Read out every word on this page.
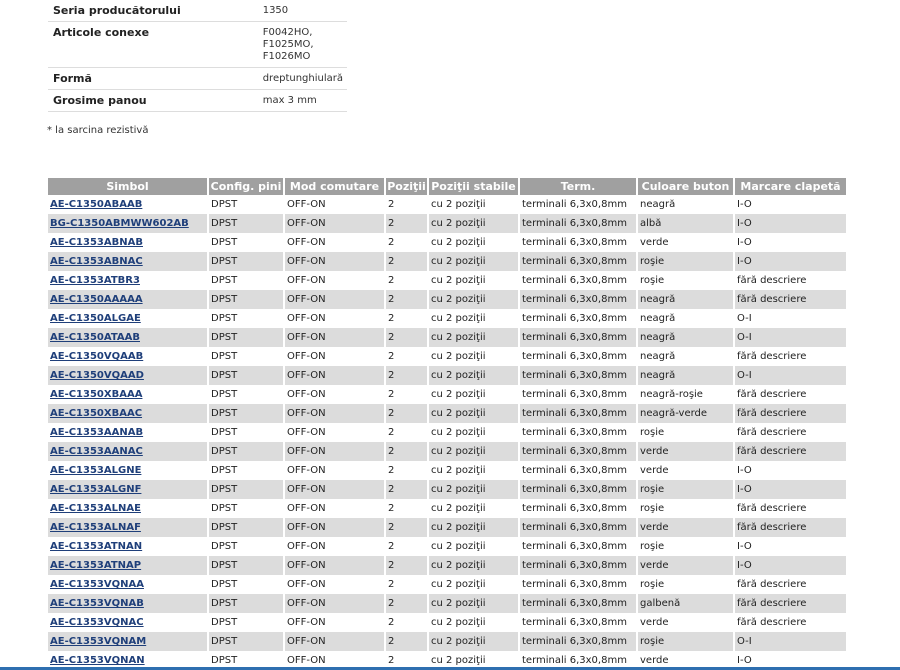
Seria producătorului	1350

Articole conexe	F0042HO,
F1025MO,
F1026MO

Formă	dreptunghiulară

Grosime panou	max 3 mm
* la sarcina rezistivă
Simbol	Config. pini	Mod comutare	Poziţii	Poziţii stabile	Term.	Culoare buton	Marcare clapetă
AE-C1350ABAAB	DPST	OFF-ON	2	cu 2 poziţii	terminali 6,3x0,8mm	neagră	I-O
BG-C1350ABMWW602AB	DPST	OFF-ON	2	cu 2 poziţii	terminali 6,3x0,8mm	albă	I-O
AE-C1353ABNAB	DPST	OFF-ON	2	cu 2 poziţii	terminali 6,3x0,8mm	verde	I-O
AE-C1353ABNAC	DPST	OFF-ON	2	cu 2 poziţii	terminali 6,3x0,8mm	roşie	I-O
AE-C1353ATBR3	DPST	OFF-ON	2	cu 2 poziţii	terminali 6,3x0,8mm	roşie	fără descriere
AE-C1350AAAAA	DPST	OFF-ON	2	cu 2 poziţii	terminali 6,3x0,8mm	neagră	fără descriere
AE-C1350ALGAE	DPST	OFF-ON	2	cu 2 poziţii	terminali 6,3x0,8mm	neagră	O-I
AE-C1350ATAAB	DPST	OFF-ON	2	cu 2 poziţii	terminali 6,3x0,8mm	neagră	O-I
AE-C1350VQAAB	DPST	OFF-ON	2	cu 2 poziţii	terminali 6,3x0,8mm	neagră	fără descriere
AE-C1350VQAAD	DPST	OFF-ON	2	cu 2 poziţii	terminali 6,3x0,8mm	neagră	O-I
AE-C1350XBAAA	DPST	OFF-ON	2	cu 2 poziţii	terminali 6,3x0,8mm	neagră-roşie	fără descriere
AE-C1350XBAAC	DPST	OFF-ON	2	cu 2 poziţii	terminali 6,3x0,8mm	neagră-verde	fără descriere
AE-C1353AANAB	DPST	OFF-ON	2	cu 2 poziţii	terminali 6,3x0,8mm	roşie	fără descriere
AE-C1353AANAC	DPST	OFF-ON	2	cu 2 poziţii	terminali 6,3x0,8mm	verde	fără descriere
AE-C1353ALGNE	DPST	OFF-ON	2	cu 2 poziţii	terminali 6,3x0,8mm	verde	I-O
AE-C1353ALGNF	DPST	OFF-ON	2	cu 2 poziţii	terminali 6,3x0,8mm	roşie	I-O
AE-C1353ALNAE	DPST	OFF-ON	2	cu 2 poziţii	terminali 6,3x0,8mm	roşie	fără descriere
AE-C1353ALNAF	DPST	OFF-ON	2	cu 2 poziţii	terminali 6,3x0,8mm	verde	fără descriere
AE-C1353ATNAN	DPST	OFF-ON	2	cu 2 poziţii	terminali 6,3x0,8mm	roşie	I-O
AE-C1353ATNAP	DPST	OFF-ON	2	cu 2 poziţii	terminali 6,3x0,8mm	verde	I-O
AE-C1353VQNAA	DPST	OFF-ON	2	cu 2 poziţii	terminali 6,3x0,8mm	roşie	fără descriere
AE-C1353VQNAB	DPST	OFF-ON	2	cu 2 poziţii	terminali 6,3x0,8mm	galbenă	fără descriere
AE-C1353VQNAC	DPST	OFF-ON	2	cu 2 poziţii	terminali 6,3x0,8mm	verde	fără descriere
AE-C1353VQNAM	DPST	OFF-ON	2	cu 2 poziţii	terminali 6,3x0,8mm	roşie	O-I
AE-C1353VQNAN	DPST	OFF-ON	2	cu 2 poziţii	terminali 6,3x0,8mm	verde	I-O
